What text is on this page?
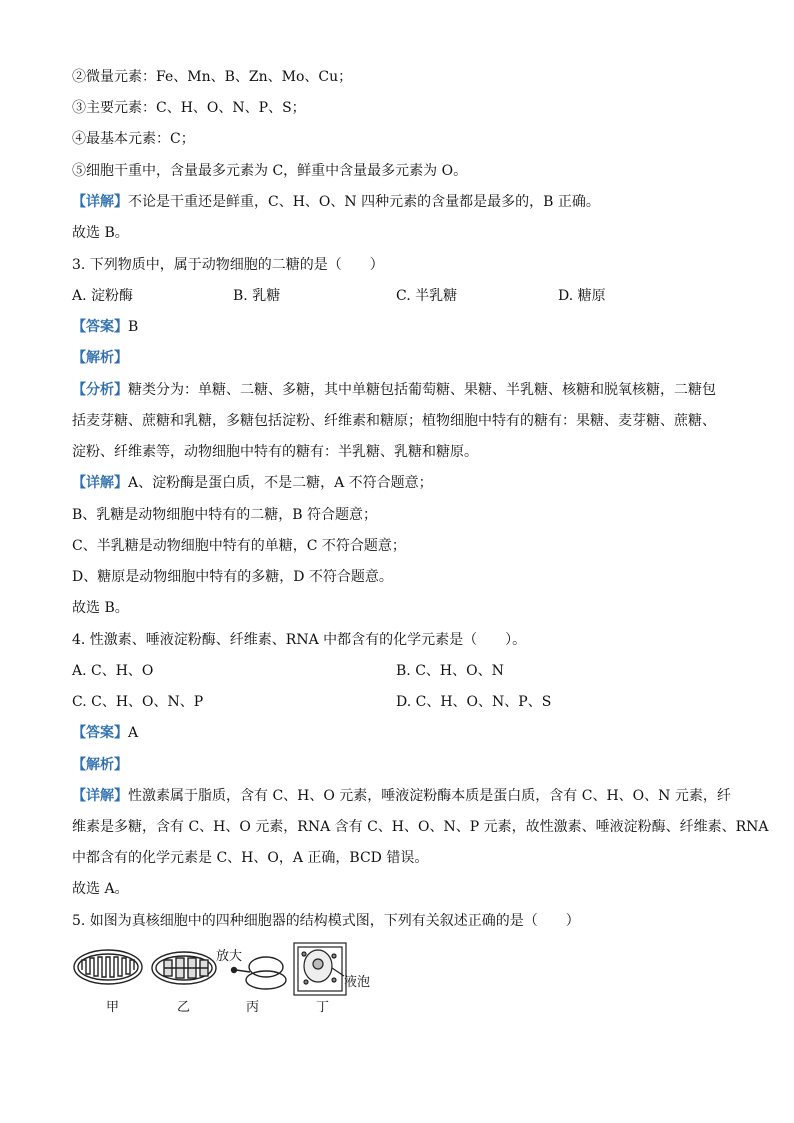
②微量元素：Fe、Mn、B、Zn、Mo、Cu；
③主要元素：C、H、O、N、P、S；
④最基本元素：C；
⑤细胞干重中，含量最多元素为 C，鲜重中含量最多元素为 O。
【详解】不论是干重还是鲜重，C、H、O、N 四种元素的含量都是最多的，B 正确。
故选 B。
3. 下列物质中，属于动物细胞的二糖的是（　　）
A. 淀粉酶	B. 乳糖	C. 半乳糖	D. 糖原
【答案】B
【解析】
【分析】糖类分为：单糖、二糖、多糖，其中单糖包括葡萄糖、果糖、半乳糖、核糖和脱氧核糖，二糖包
括麦芽糖、蔗糖和乳糖，多糖包括淀粉、纤维素和糖原；植物细胞中特有的糖有：果糖、麦芽糖、蔗糖、
淀粉、纤维素等，动物细胞中特有的糖有：半乳糖、乳糖和糖原。
【详解】A、淀粉酶是蛋白质，不是二糖，A 不符合题意；
B、乳糖是动物细胞中特有的二糖，B 符合题意；
C、半乳糖是动物细胞中特有的单糖，C 不符合题意；
D、糖原是动物细胞中特有的多糖，D 不符合题意。
故选 B。
4. 性激素、唾液淀粉酶、纤维素、RNA 中都含有的化学元素是（　　）。
A. C、H、O	B. C、H、O、N
C. C、H、O、N、P	D. C、H、O、N、P、S
【答案】A
【解析】
【详解】性激素属于脂质，含有 C、H、O 元素，唾液淀粉酶本质是蛋白质，含有 C、H、O、N 元素，纤
维素是多糖，含有 C、H、O 元素，RNA 含有 C、H、O、N、P 元素，故性激素、唾液淀粉酶、纤维素、RNA
中都含有的化学元素是 C、H、O，A 正确，BCD 错误。
故选 A。
5. 如图为真核细胞中的四种细胞器的结构模式图，下列有关叙述正确的是（　　）
放大
液泡
甲	乙	丙	丁
